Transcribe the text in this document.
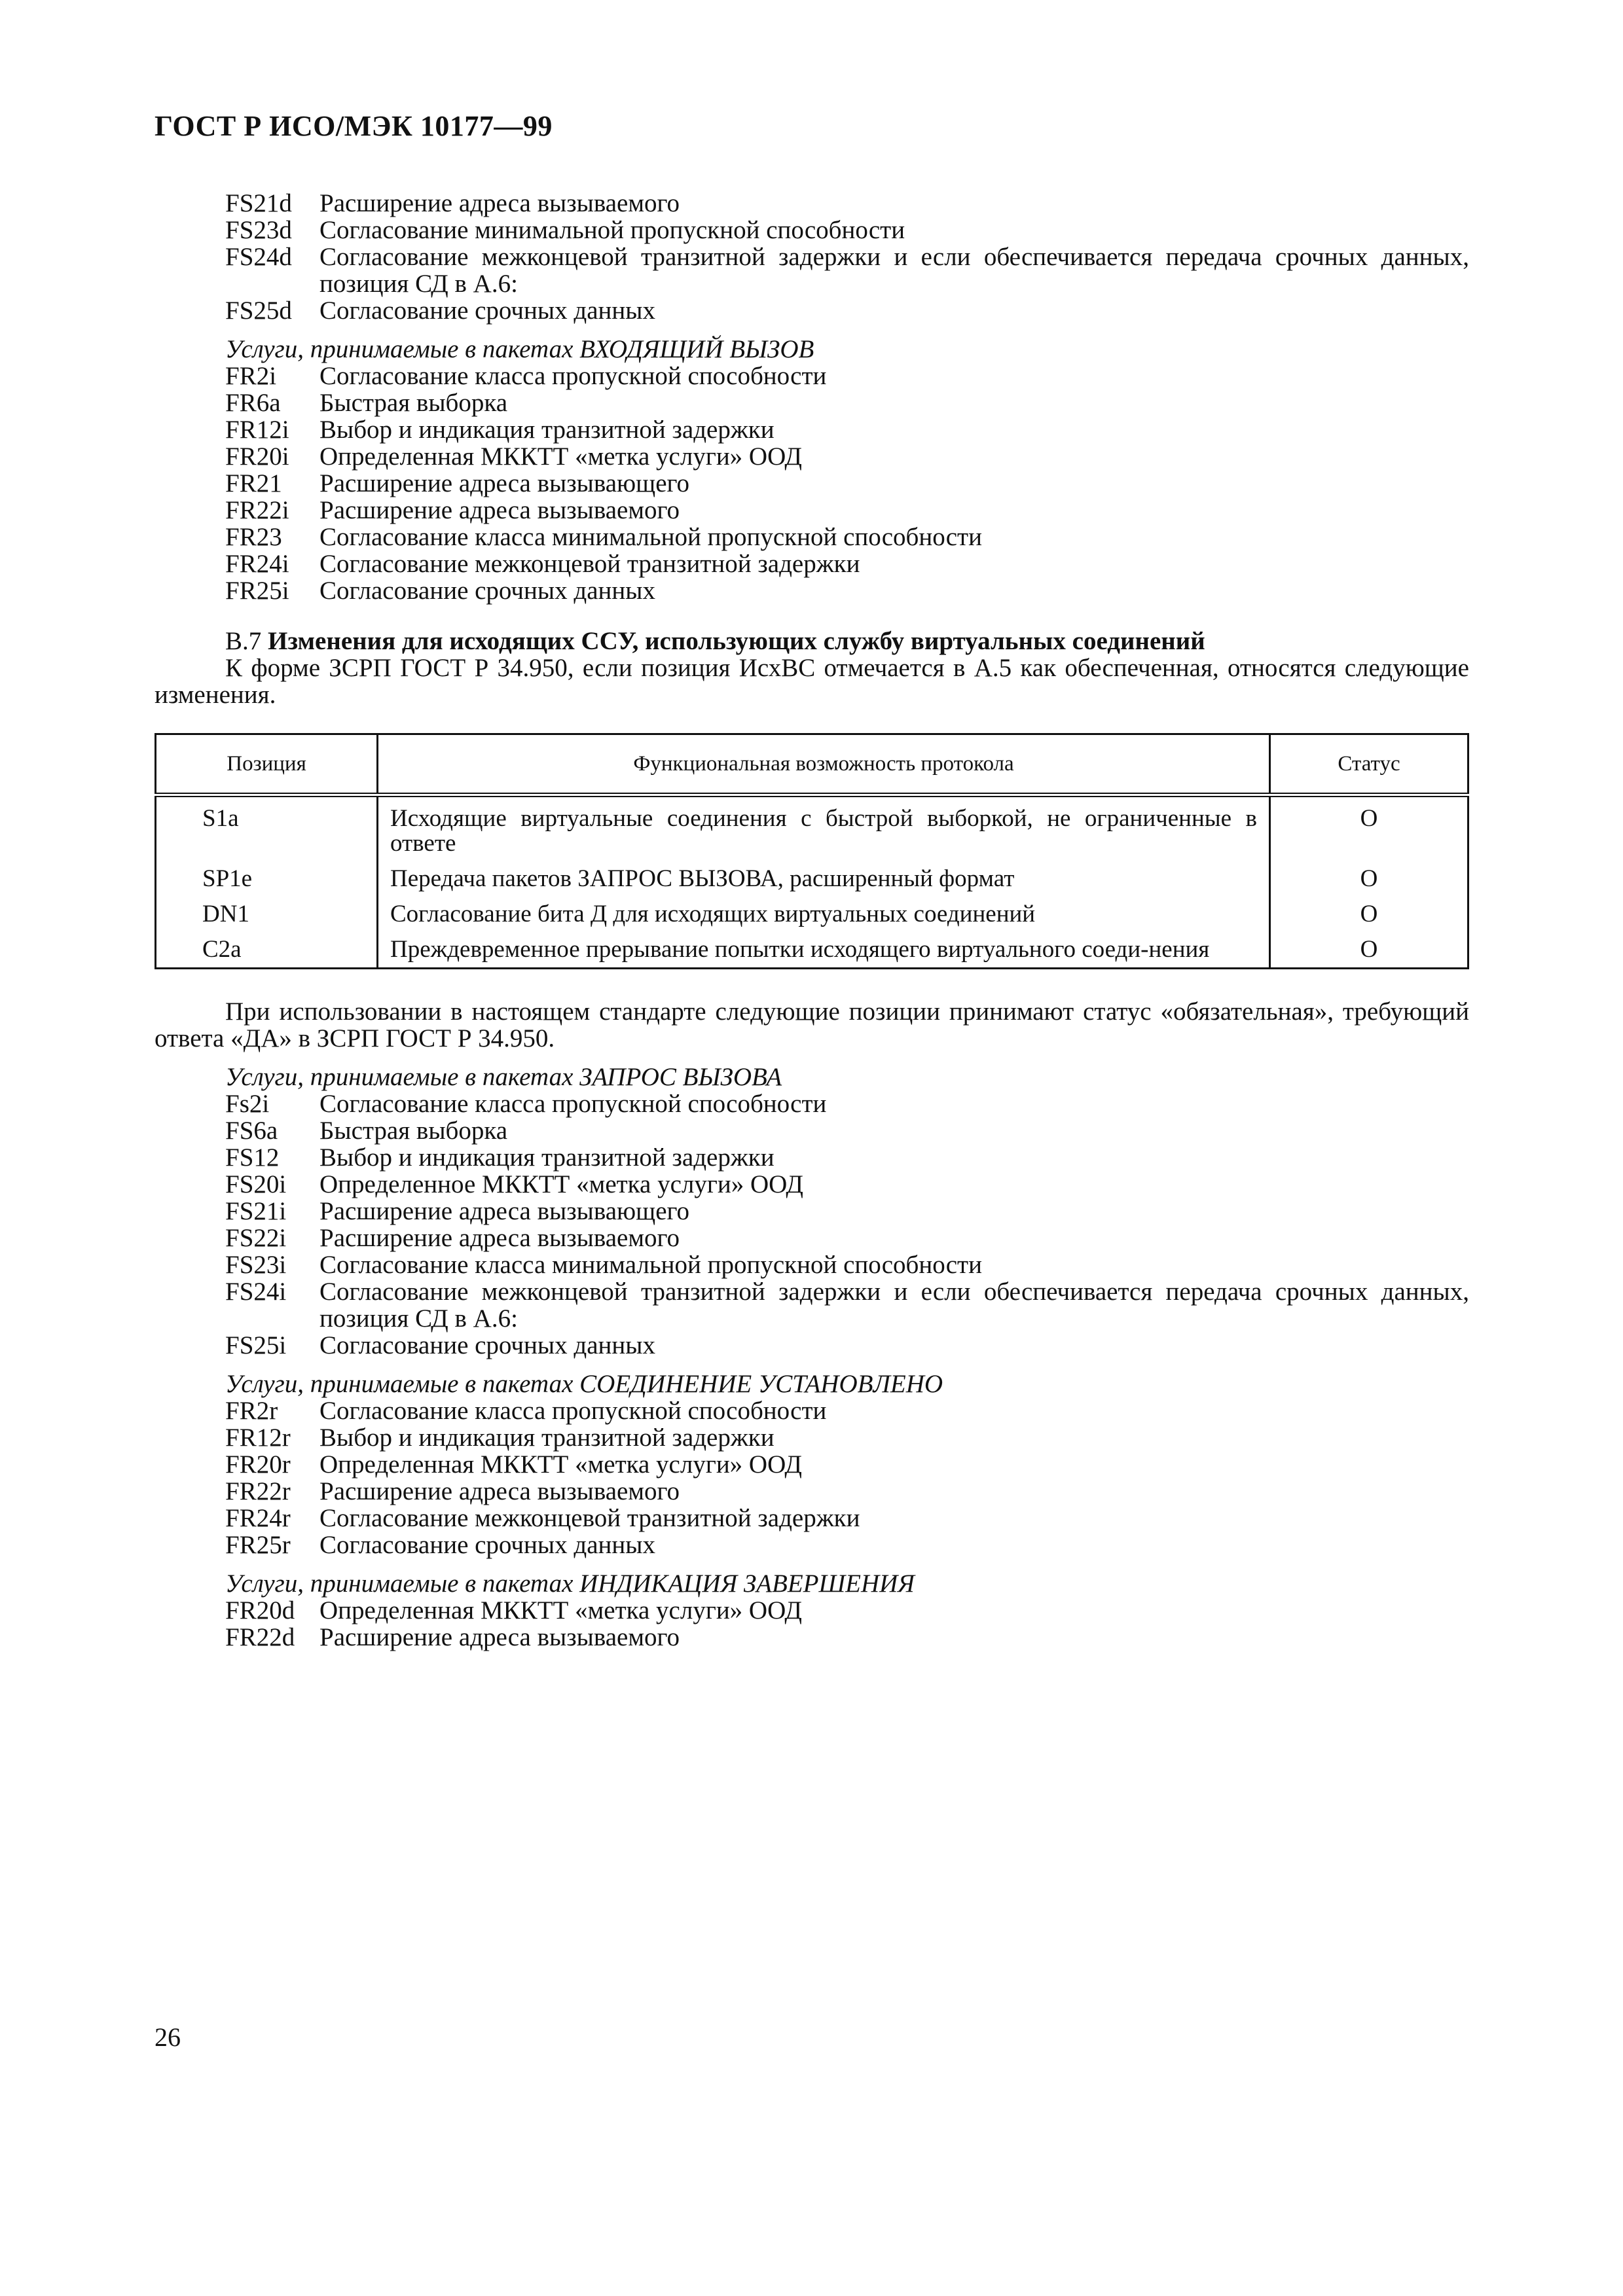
ГОСТ Р ИСО/МЭК 10177—99
FS21d	Расширение адреса вызываемого
FS23d	Согласование минимальной пропускной способности
FS24d	Согласование межконцевой транзитной задержки и если обеспечивается передача срочных данных, позиция СД в А.6:
FS25d	Согласование срочных данных
Услуги, принимаемые в пакетах ВХОДЯЩИЙ ВЫЗОВ
FR2i	Согласование класса пропускной способности
FR6a	Быстрая выборка
FR12i	Выбор и индикация транзитной задержки
FR20i	Определенная МККТТ «метка услуги» ООД
FR21	Расширение адреса вызывающего
FR22i	Расширение адреса вызываемого
FR23	Согласование класса минимальной пропускной способности
FR24i	Согласование межконцевой транзитной задержки
FR25i	Согласование срочных данных
В.7 Изменения для исходящих ССУ, использующих службу виртуальных соединений
К форме ЗСРП ГОСТ Р 34.950, если позиция ИсхВС отмечается в А.5 как обеспеченная, относятся следующие изменения.
Позиция	Функциональная возможность протокола	Статус
S1a	Исходящие виртуальные соединения с быстрой выборкой, не ограниченные в ответе	O
SP1e	Передача пакетов ЗАПРОС ВЫЗОВА, расширенный формат	O
DN1	Согласование бита Д для исходящих виртуальных соединений	O
C2a	Преждевременное прерывание попытки исходящего виртуального соеди-нения	O
При использовании в настоящем стандарте следующие позиции принимают статус «обязательная», требующий ответа «ДА» в ЗСРП ГОСТ Р 34.950.
Услуги, принимаемые в пакетах ЗАПРОС ВЫЗОВА
Fs2i	Согласование класса пропускной способности
FS6a	Быстрая выборка
FS12	Выбор и индикация транзитной задержки
FS20i	Определенное МККТТ «метка услуги» ООД
FS21i	Расширение адреса вызывающего
FS22i	Расширение адреса вызываемого
FS23i	Согласование класса минимальной пропускной способности
FS24i	Согласование межконцевой транзитной задержки и если обеспечивается передача срочных данных, позиция СД в А.6:
FS25i	Согласование срочных данных
Услуги, принимаемые в пакетах СОЕДИНЕНИЕ УСТАНОВЛЕНО
FR2r	Согласование класса пропускной способности
FR12r	Выбор и индикация транзитной задержки
FR20r	Определенная МККТТ «метка услуги» ООД
FR22r	Расширение адреса вызываемого
FR24r	Согласование межконцевой транзитной задержки
FR25r	Согласование срочных данных
Услуги, принимаемые в пакетах ИНДИКАЦИЯ ЗАВЕРШЕНИЯ
FR20d Определенная МККТТ «метка услуги» ООД
FR22d Расширение адреса вызываемого
26
